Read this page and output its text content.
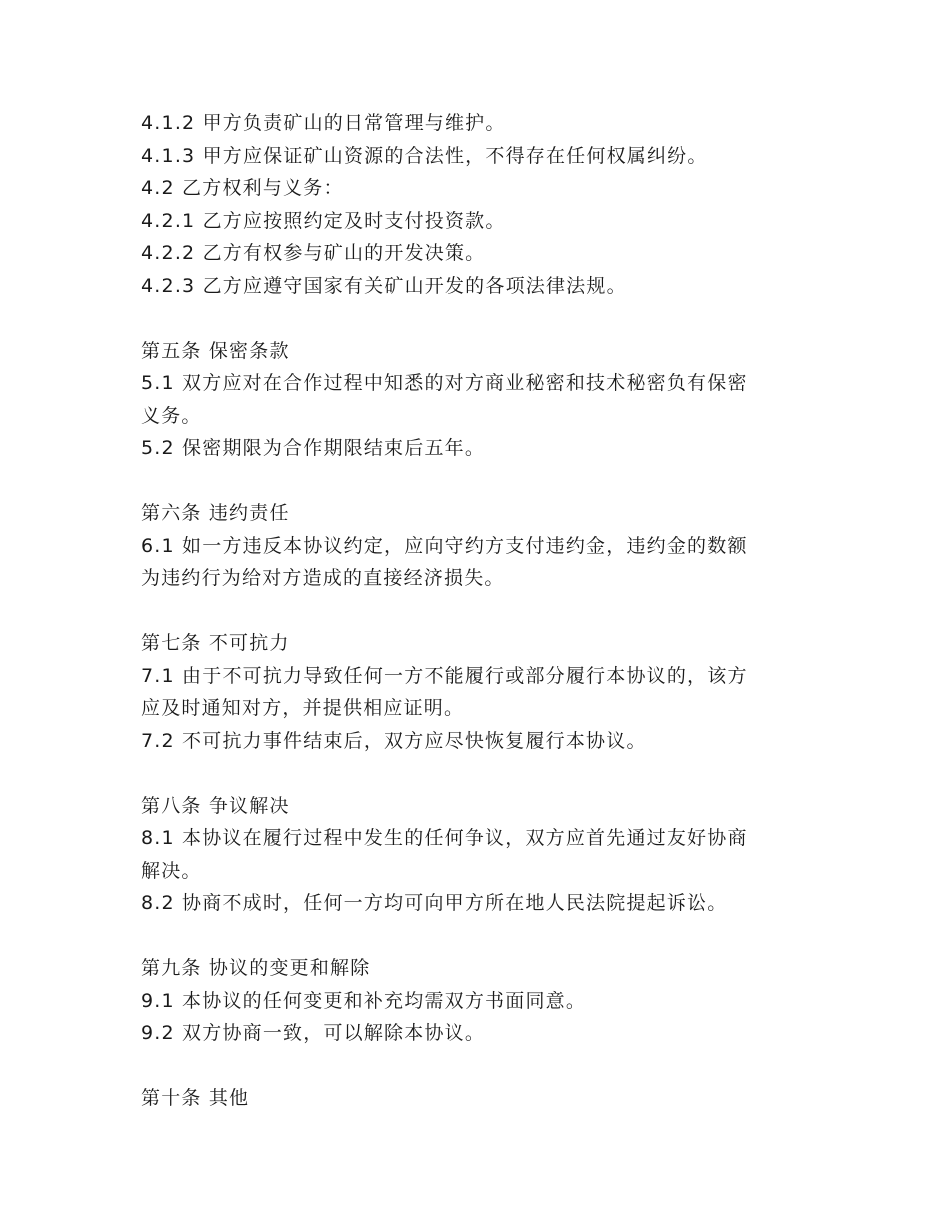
4.1.2 甲方负责矿山的日常管理与维护。
4.1.3 甲方应保证矿山资源的合法性，不得存在任何权属纠纷。
4.2 乙方权利与义务：
4.2.1 乙方应按照约定及时支付投资款。
4.2.2 乙方有权参与矿山的开发决策。
4.2.3 乙方应遵守国家有关矿山开发的各项法律法规。
第五条 保密条款
5.1 双方应对在合作过程中知悉的对方商业秘密和技术秘密负有保密
义务。
5.2 保密期限为合作期限结束后五年。
第六条 违约责任
6.1 如一方违反本协议约定，应向守约方支付违约金，违约金的数额
为违约行为给对方造成的直接经济损失。
第七条 不可抗力
7.1 由于不可抗力导致任何一方不能履行或部分履行本协议的，该方
应及时通知对方，并提供相应证明。
7.2 不可抗力事件结束后，双方应尽快恢复履行本协议。
第八条 争议解决
8.1 本协议在履行过程中发生的任何争议，双方应首先通过友好协商
解决。
8.2 协商不成时，任何一方均可向甲方所在地人民法院提起诉讼。
第九条 协议的变更和解除
9.1 本协议的任何变更和补充均需双方书面同意。
9.2 双方协商一致，可以解除本协议。
第十条 其他
